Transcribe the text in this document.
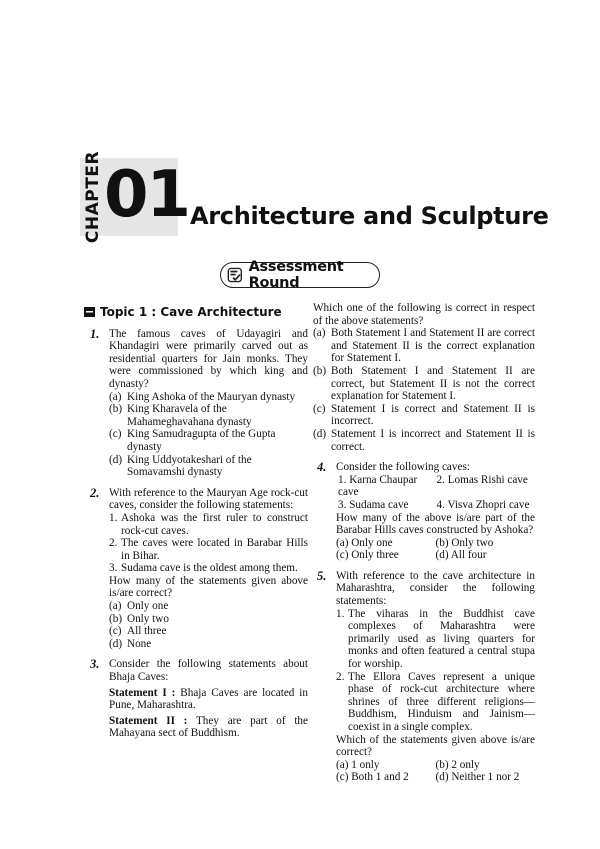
CHAPTER 01 Architecture and Sculpture
Assessment Round
Topic 1 : Cave Architecture
1. The famous caves of Udayagiri and Khandagiri were primarily carved out as residential quarters for Jain monks. They were commissioned by which king and dynasty?
(a) King Ashoka of the Mauryan dynasty
(b) King Kharavela of the Mahameghavahana dynasty
(c) King Samudragupta of the Gupta dynasty
(d) King Uddyotakeshari of the Somavamshi dynasty
2. With reference to the Mauryan Age rock-cut caves, consider the following statements:
1. Ashoka was the first ruler to construct rock-cut caves.
2. The caves were located in Barabar Hills in Bihar.
3. Sudama cave is the oldest among them.
How many of the statements given above is/are correct?
(a) Only one
(b) Only two
(c) All three
(d) None
3. Consider the following statements about Bhaja Caves:
Statement I : Bhaja Caves are located in Pune, Maharashtra.
Statement II : They are part of the Mahayana sect of Buddhism.
Which one of the following is correct in respect of the above statements?
(a) Both Statement I and Statement II are correct and Statement II is the correct explanation for Statement I.
(b) Both Statement I and Statement II are correct, but Statement II is not the correct explanation for Statement I.
(c) Statement I is correct and Statement II is incorrect.
(d) Statement I is incorrect and Statement II is correct.
4. Consider the following caves:
1. Karna Chaupar cave
2. Lomas Rishi cave
3. Sudama cave	4. Visva Zhopri cave
How many of the above is/are part of the Barabar Hills caves constructed by Ashoka?
(a) Only one	(b) Only two
(c) Only three	(d) All four
5. With reference to the cave architecture in Maharashtra, consider the following statements:
1. The viharas in the Buddhist cave complexes of Maharashtra were primarily used as living quarters for monks and often featured a central stupa for worship.
2. The Ellora Caves represent a unique phase of rock-cut architecture where shrines of three different religions—Buddhism, Hinduism and Jainism—coexist in a single complex.
Which of the statements given above is/are correct?
(a) 1 only	(b) 2 only
(c) Both 1 and 2	(d) Neither 1 nor 2
